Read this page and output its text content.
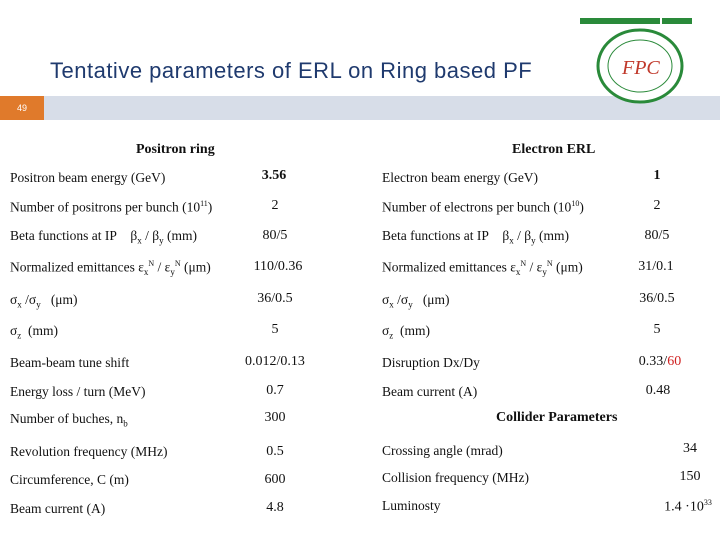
Tentative parameters of ERL on Ring based PF
49
FPC
Positron ring
Positron beam energy (GeV)	3.56
Number of positrons per bunch $(10^{11})$	2
Beta functions at IP    $\beta_x / \beta_y$ (mm)	80/5
Normalized emittances $\varepsilon_x^N / \varepsilon_y^N$ (μm)	110/0.36
$\sigma_x$ $/\sigma_y$ (μm)	36/0.5
$\sigma_z$ (mm)	5
Beam-beam tune shift	0.012/0.13
Energy loss / turn (MeV)	0.7
Number of buches, $n_b$	300
Revolution frequency (MHz)	0.5
Circumference, C (m)	600
Beam current (A)	4.8
Electron ERL
Electron beam energy (GeV)	1
Number of electrons per bunch $(10^{10})$	2
Beta functions at IP    $\beta_x / \beta_y$ (mm)	80/5
Normalized emittances $\varepsilon_x^N / \varepsilon_y^N$ (μm)	31/0.1
$\sigma_x$ $/\sigma_y$ (μm)	36/0.5
$\sigma_z$ (mm)	5
Disruption Dx/Dy	0.33/60
Beam current (A)	0.48
Collider Parameters
Crossing angle (mrad)	34
Collision frequency (MHz)	150
Luminosty	$1.4 \cdot 10^{33}$
